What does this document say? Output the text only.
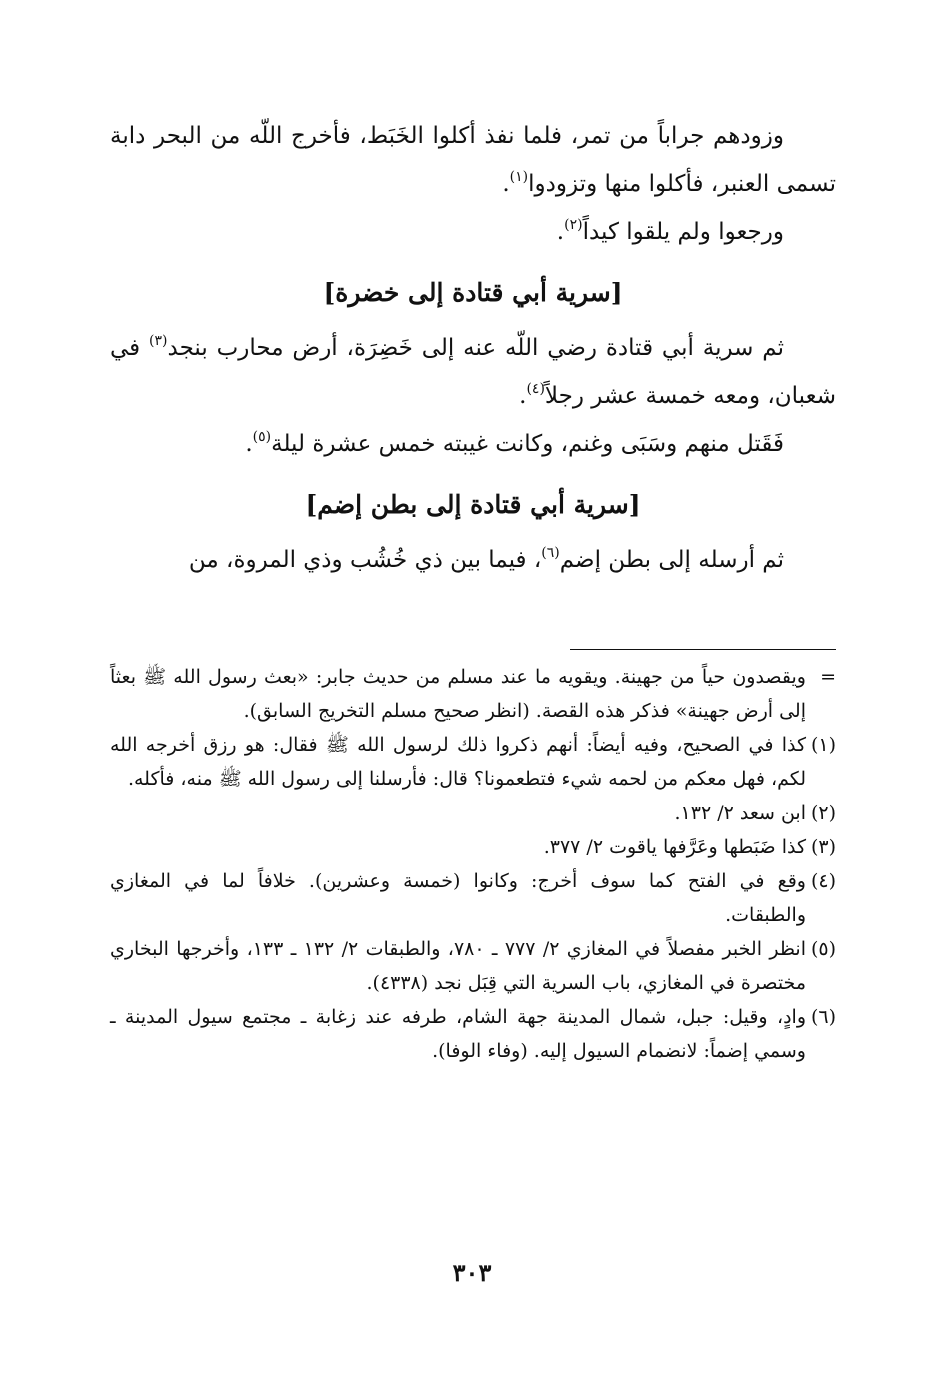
وزودهم جراباً من تمر، فلما نفذ أكلوا الخَبَط، فأخرج اللّه من البحر دابة تسمى العنبر، فأكلوا منها وتزودوا$^{(١)}$.

ورجعوا ولم يلقوا كيداً$^{(٢)}$.

[سرية أبي قتادة إلى خضرة]

ثم سرية أبي قتادة رضي اللّه عنه إلى خَضِرَة، أرض محارب بنجد$^{(٣)}$ في شعبان، ومعه خمسة عشر رجلاً$^{(٤)}$.

فَقَتل منهم وسَبَى وغنم، وكانت غيبته خمس عشرة ليلة$^{(٥)}$.

[سرية أبي قتادة إلى بطن إضم]

ثم أرسله إلى بطن إضم$^{(٦)}$، فيما بين ذي خُشُب وذي المروة، من

=ويقصدون حياً من جهينة. ويقويه ما عند مسلم من حديث جابر: «بعث رسول الله ﷺ بعثاً إلى أرض جهينة» فذكر هذه القصة. (انظر صحيح مسلم التخريج السابق).

(١)كذا في الصحيح، وفيه أيضاً: أنهم ذكروا ذلك لرسول الله ﷺ فقال: هو رزق أخرجه الله لكم، فهل معكم من لحمه شيء فتطعمونا؟ قال: فأرسلنا إلى رسول الله ﷺ منه، فأكله.

(٢)ابن سعد ٢/ ١٣٢.

(٣)كذا ضَبَطها وعَرَّفها ياقوت ٢/ ٣٧٧.

(٤)وقع في الفتح كما سوف أخرج: وكانوا (خمسة وعشرين). خلافاً لما في المغازي والطبقات.

(٥)انظر الخبر مفصلاً في المغازي ٢/ ٧٧٧ ـ ٧٨٠، والطبقات ٢/ ١٣٢ ـ ١٣٣، وأخرجها البخاري مختصرة في المغازي، باب السرية التي قِبَل نجد (٤٣٣٨).

(٦)وادٍ، وقيل: جبل، شمال المدينة جهة الشام، طرفه عند زغابة ـ مجتمع سيول المدينة ـ وسمي إضماً: لانضمام السيول إليه. (وفاء الوفا).

٣٠٣
